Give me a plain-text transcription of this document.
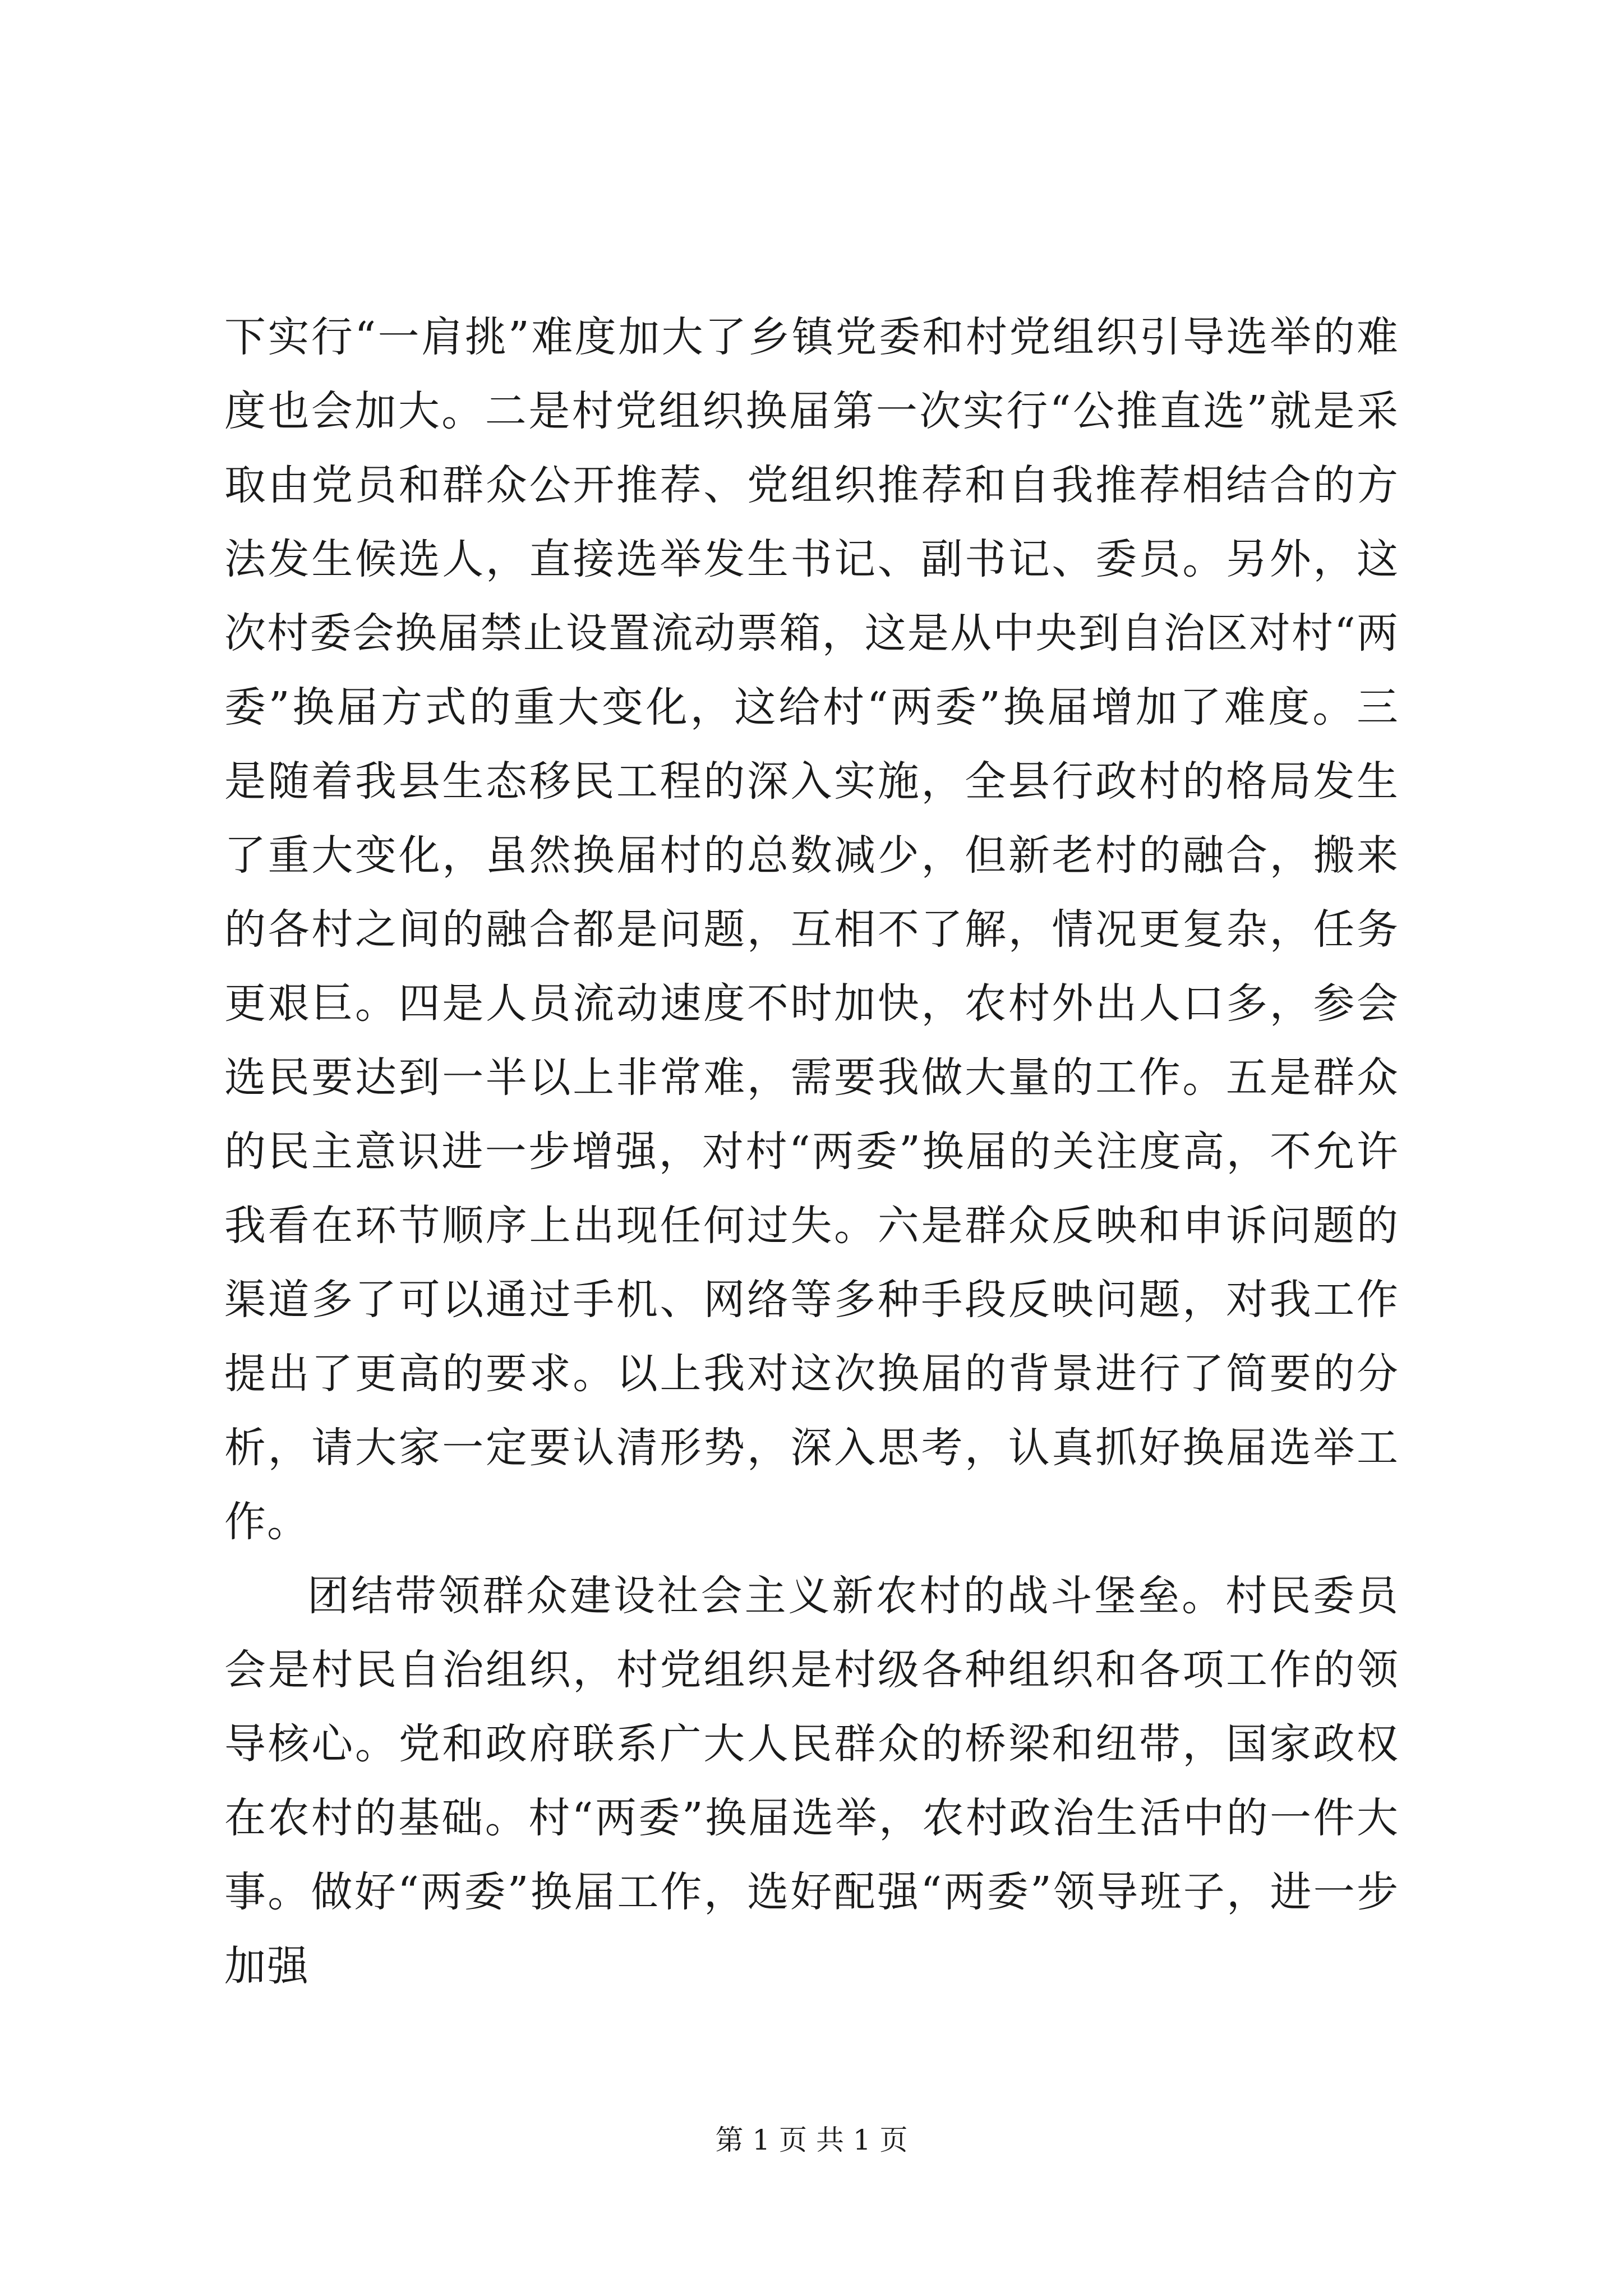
下实行“一肩挑”难度加大了乡镇党委和村党组织引导选举的难度也会加大。二是村党组织换届第一次实行“公推直选”就是采取由党员和群众公开推荐、党组织推荐和自我推荐相结合的方法发生候选人，直接选举发生书记、副书记、委员。另外，这次村委会换届禁止设置流动票箱，这是从中央到自治区对村“两委”换届方式的重大变化，这给村“两委”换届增加了难度。三是随着我县生态移民工程的深入实施，全县行政村的格局发生了重大变化，虽然换届村的总数减少，但新老村的融合，搬来的各村之间的融合都是问题，互相不了解，情况更复杂，任务更艰巨。四是人员流动速度不时加快，农村外出人口多，参会选民要达到一半以上非常难，需要我做大量的工作。五是群众的民主意识进一步增强，对村“两委”换届的关注度高，不允许我看在环节顺序上出现任何过失。六是群众反映和申诉问题的渠道多了可以通过手机、网络等多种手段反映问题，对我工作提出了更高的要求。以上我对这次换届的背景进行了简要的分析，请大家一定要认清形势，深入思考，认真抓好换届选举工作。

团结带领群众建设社会主义新农村的战斗堡垒。村民委员会是村民自治组织，村党组织是村级各种组织和各项工作的领导核心。党和政府联系广大人民群众的桥梁和纽带，国家政权在农村的基础。村“两委”换届选举，农村政治生活中的一件大事。做好“两委”换届工作，选好配强“两委”领导班子，进一步加强

第 1 页 共 1 页
